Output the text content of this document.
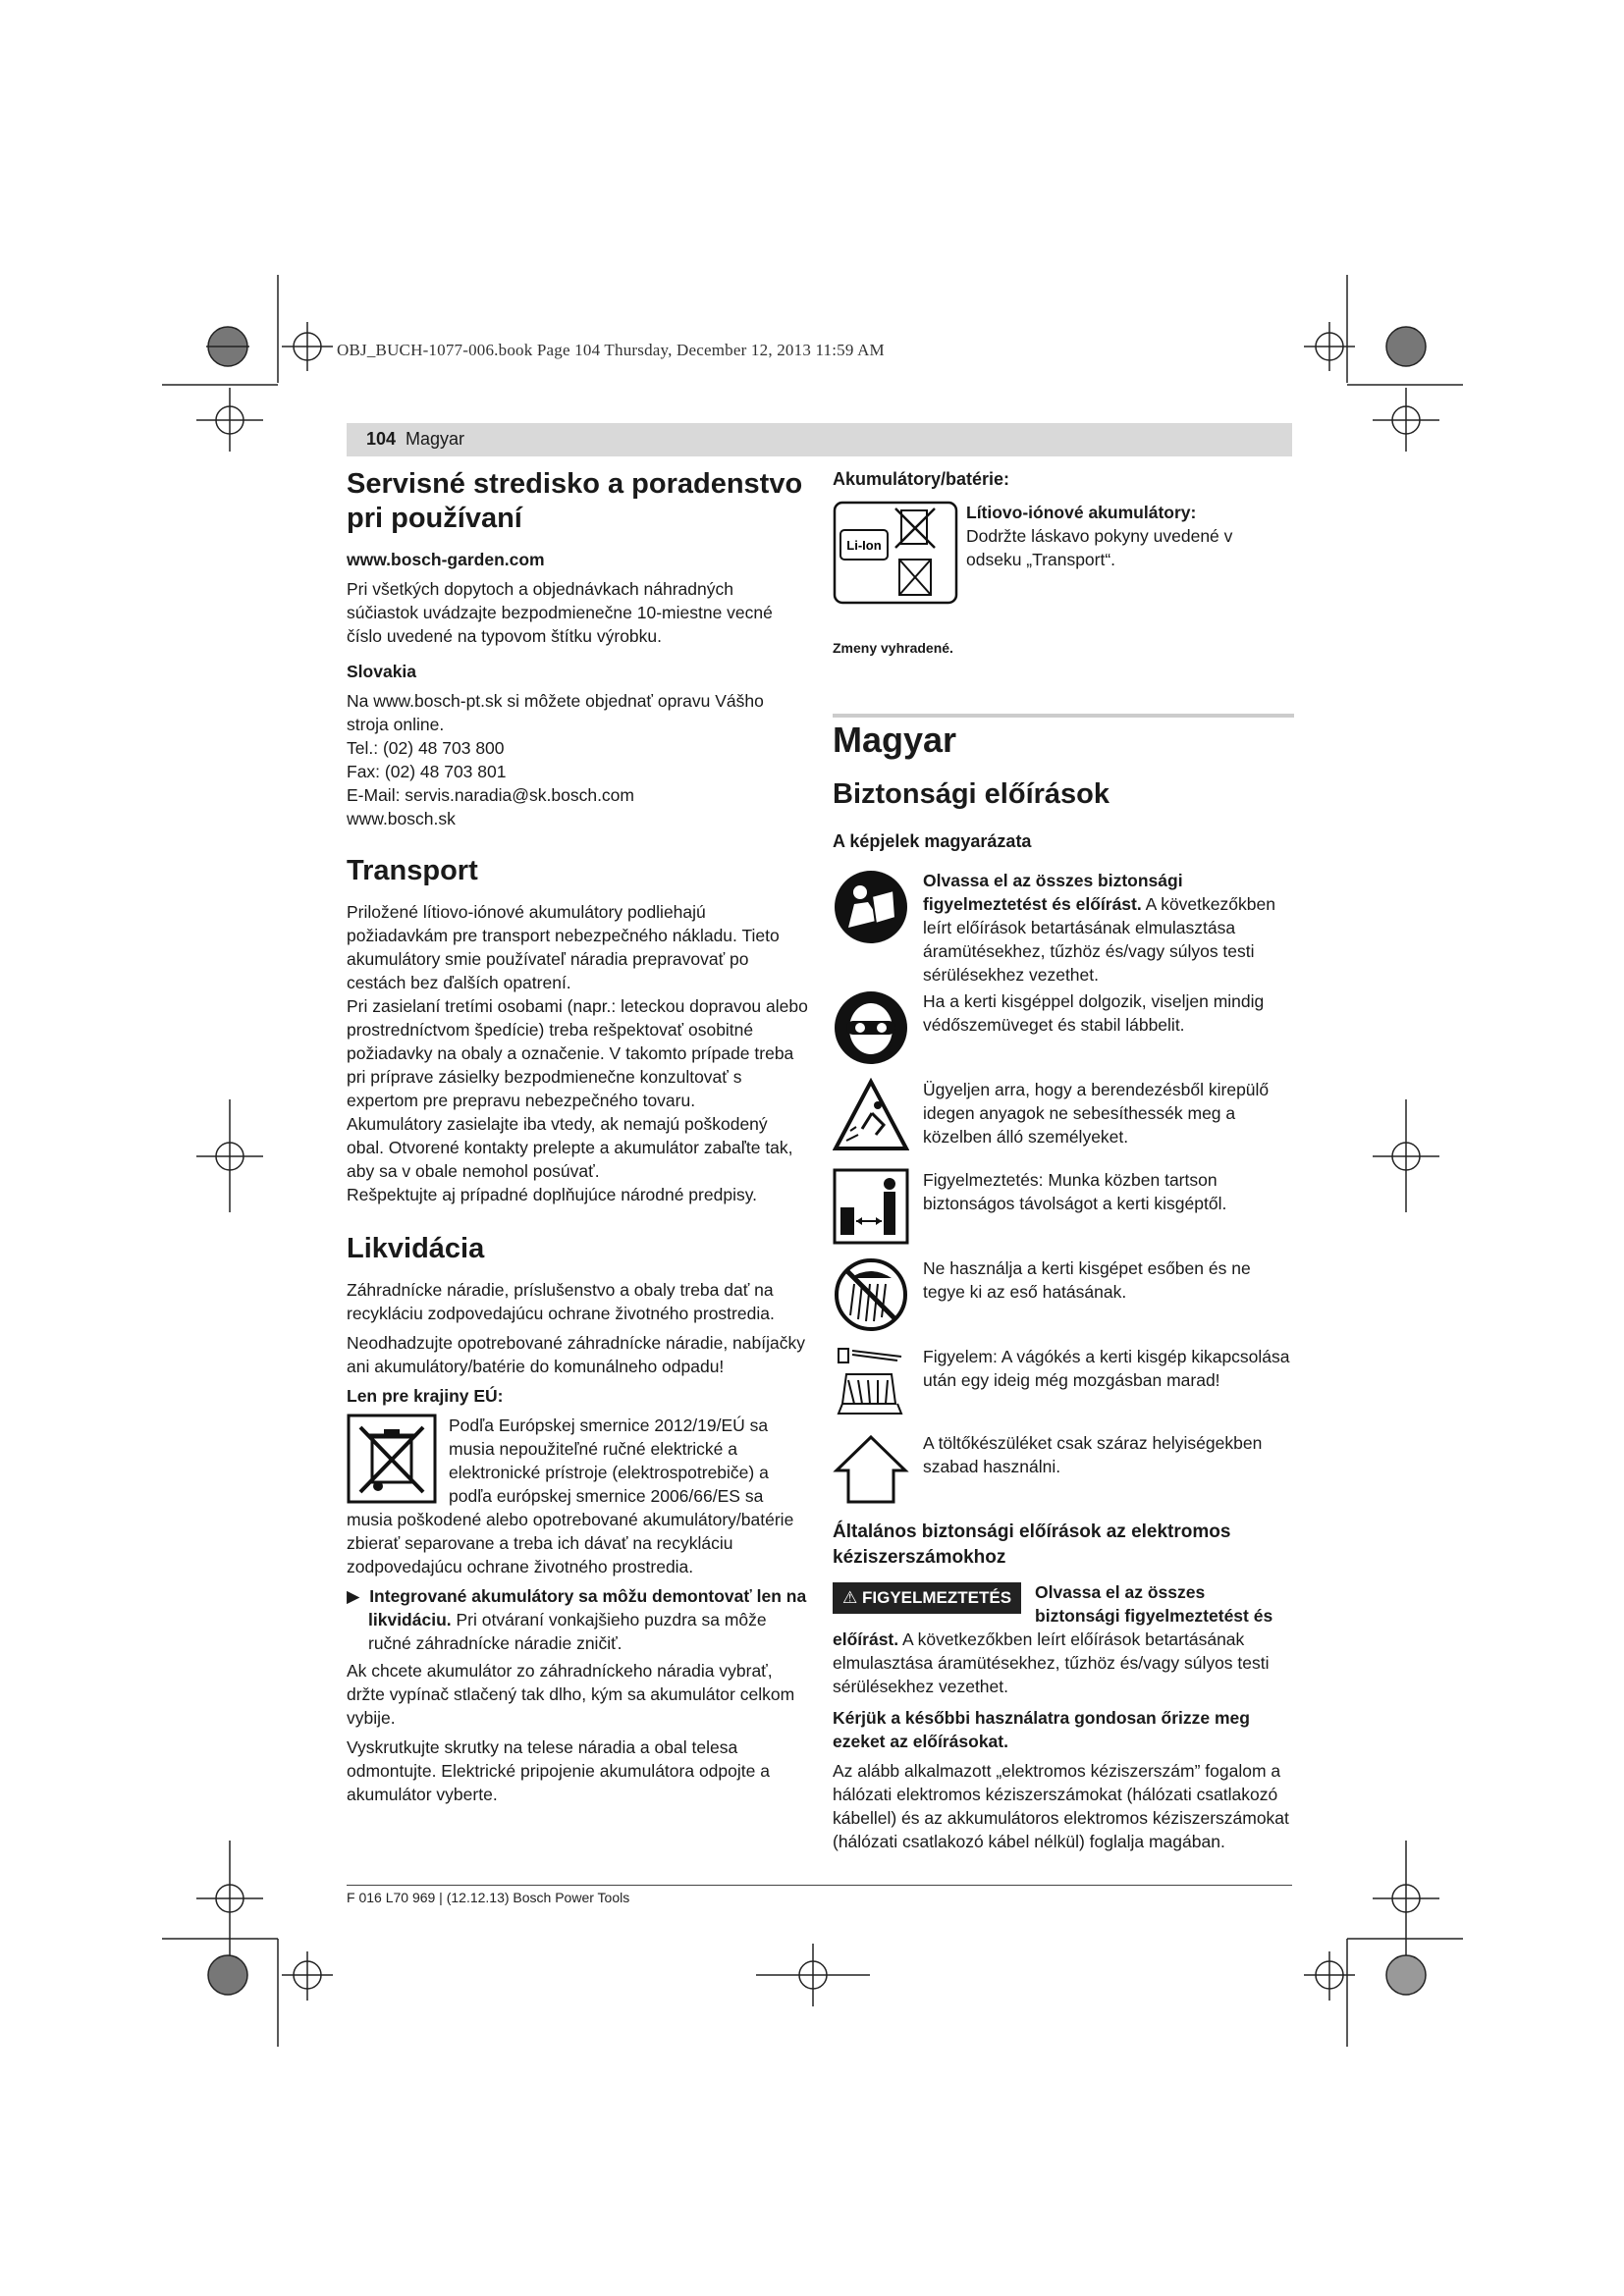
OBJ_BUCH-1077-006.book Page 104 Thursday, December 12, 2013 11:59 AM
104 Magyar
Servisné stredisko a poradenstvo pri používaní

www.bosch-garden.com

Pri všetkých dopytoch a objednávkach náhradných súčiastok uvádzajte bezpodmienečne 10-miestne vecné číslo uvedené na typovom štítku výrobku.

Slovakia

Na www.bosch-pt.sk si môžete objednať opravu Vášho stroja online.
Tel.: (02) 48 703 800
Fax: (02) 48 703 801
E-Mail: servis.naradia@sk.bosch.com
www.bosch.sk
Transport
Priložené lítiovo-iónové akumulátory podliehajú požiadavkám pre transport nebezpečného nákladu. Tieto akumulátory smie používateľ náradia prepravovať po cestách bez ďalších opatrení.
Pri zasielaní tretími osobami (napr.: leteckou dopravou alebo prostredníctvom špedície) treba rešpektovať osobitné požiadavky na obaly a označenie. V takomto prípade treba pri príprave zásielky bezpodmienečne konzultovať s expertom pre prepravu nebezpečného tovaru.
Akumulátory zasielajte iba vtedy, ak nemajú poškodený obal. Otvorené kontakty prelepte a akumulátor zabaľte tak, aby sa v obale nemohol posúvať.
Rešpektujte aj prípadné doplňujúce národné predpisy.
Likvidácia

Záhradnícke náradie, príslušenstvo a obaly treba dať na recykláciu zodpovedajúcu ochrane životného prostredia.

Neodhadzujte opotrebované záhradnícke náradie, nabíjačky ani akumulátory/batérie do komunálneho odpadu!

Len pre krajiny EÚ:

Podľa Európskej smernice 2012/19/EÚ sa musia nepoužiteľné ručné elektrické a elektronické prístroje (elektrospotrebiče) a podľa európskej smernice 2006/66/ES sa musia poškodené alebo opotrebované akumulátory/batérie zbierať separovane a treba ich dávať na recykláciu zodpovedajúcu ochrane životného prostredia.
▶  Integrované akumulátory sa môžu demontovať len na likvidáciu. Pri otváraní vonkajšieho puzdra sa môže ručné záhradnícke náradie zničiť.

Ak chcete akumulátor zo záhradníckeho náradia vybrať, držte vypínač stlačený tak dlho, kým sa akumulátor celkom vybije.

Vyskrutkujte skrutky na telese náradia a obal telesa odmontujte. Elektrické pripojenie akumulátora odpojte a akumulátor vyberte.

Akumulátory/batérie:
Li-Ion
Lítiovo-iónové akumulátory:
Dodržte láskavo pokyny uvedené v odseku „Transport“.
Zmeny vyhradené.
Magyar
Biztonsági előírások
A képjelek magyarázata
Olvassa el az összes biztonsági figyelmeztetést és előírást. A következőkben leírt előírások betartásának elmulasztása áramütésekhez, tűzhöz és/vagy súlyos testi sérülésekhez vezethet.
Ha a kerti kisgéppel dolgozik, viseljen mindig védőszemüveget és stabil lábbelit.
Ügyeljen arra, hogy a berendezésből kirepülő idegen anyagok ne sebesíthessék meg a közelben álló személyeket.
Figyelmeztetés: Munka közben tartson biztonságos távolságot a kerti kisgéptől.
Ne használja a kerti kisgépet esőben és ne tegye ki az eső hatásának.
Figyelem: A vágókés a kerti kisgép kikapcsolása után egy ideig még mozgásban marad!
A töltőkészüléket csak száraz helyiségekben szabad használni.
Általános biztonsági előírások az elektromos kéziszerszámokhoz
⚠ FIGYELMEZTETÉS	Olvassa el az összes biztonsági figyelmeztetést és előírást. A következőkben leírt előírások betartásának elmulasztása áramütésekhez, tűzhöz és/vagy súlyos testi sérülésekhez vezethet.

Kérjük a későbbi használatra gondosan őrizze meg ezeket az előírásokat.

Az alább alkalmazott „elektromos kéziszerszám” fogalom a hálózati elektromos kéziszerszámokat (hálózati csatlakozó kábellel) és az akkumulátoros elektromos kéziszerszámokat (hálózati csatlakozó kábel nélkül) foglalja magában.

F 016 L70 969 | (12.12.13) Bosch Power Tools
